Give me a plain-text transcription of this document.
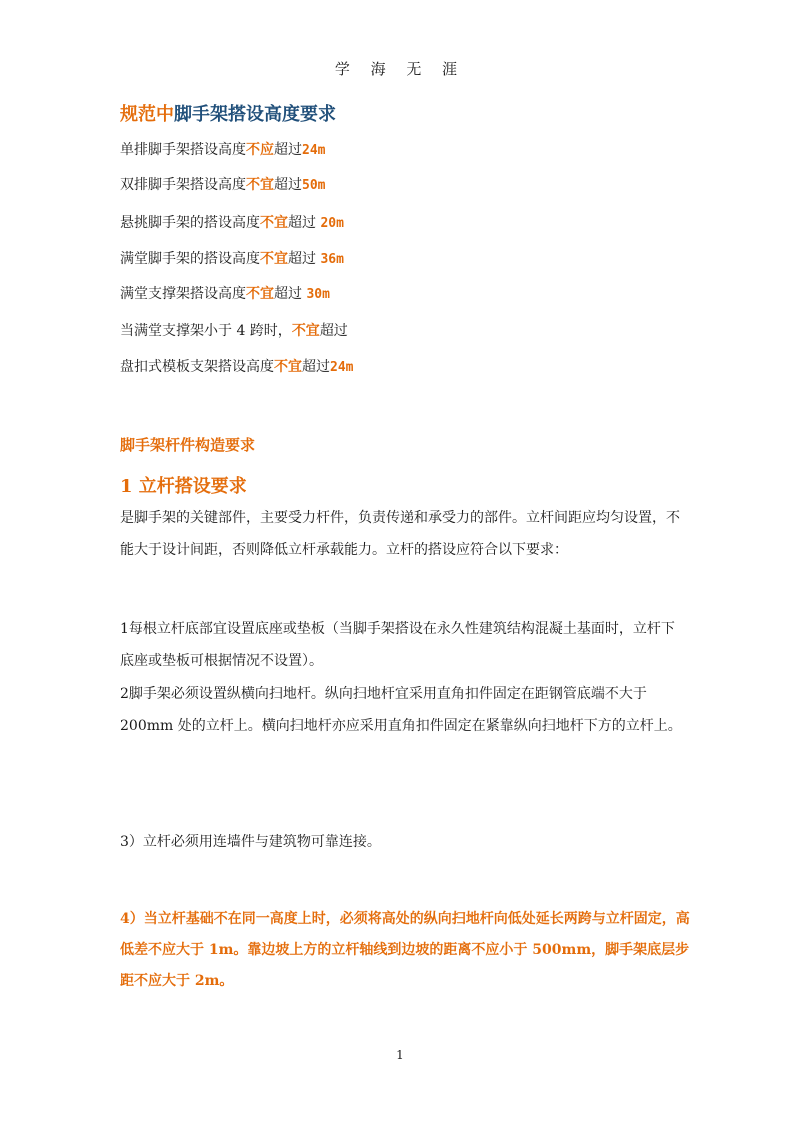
学 海 无 涯
规范中脚手架搭设高度要求
单排脚手架搭设高度不应超过24m
双排脚手架搭设高度不宜超过50m
悬挑脚手架的搭设高度不宜超过 20m
满堂脚手架的搭设高度不宜超过 36m
满堂支撑架搭设高度不宜超过 30m
当满堂支撑架小于 4 跨时，不宜超过
盘扣式模板支架搭设高度不宜超过24m
脚手架杆件构造要求
1 立杆搭设要求
是脚手架的关键部件，主要受力杆件，负责传递和承受力的部件。立杆间距应均匀设置，不能大于设计间距，否则降低立杆承载能力。立杆的搭设应符合以下要求：
1每根立杆底部宜设置底座或垫板（当脚手架搭设在永久性建筑结构混凝土基面时，立杆下底座或垫板可根据情况不设置）。
2脚手架必须设置纵横向扫地杆。纵向扫地杆宜采用直角扣件固定在距钢管底端不大于 200mm 处的立杆上。横向扫地杆亦应采用直角扣件固定在紧靠纵向扫地杆下方的立杆上。
3）立杆必须用连墙件与建筑物可靠连接。
4）当立杆基础不在同一高度上时，必须将高处的纵向扫地杆向低处延长两跨与立杆固定，高低差不应大于 1m。靠边坡上方的立杆轴线到边坡的距离不应小于 500mm，脚手架底层步距不应大于 2m。
1
